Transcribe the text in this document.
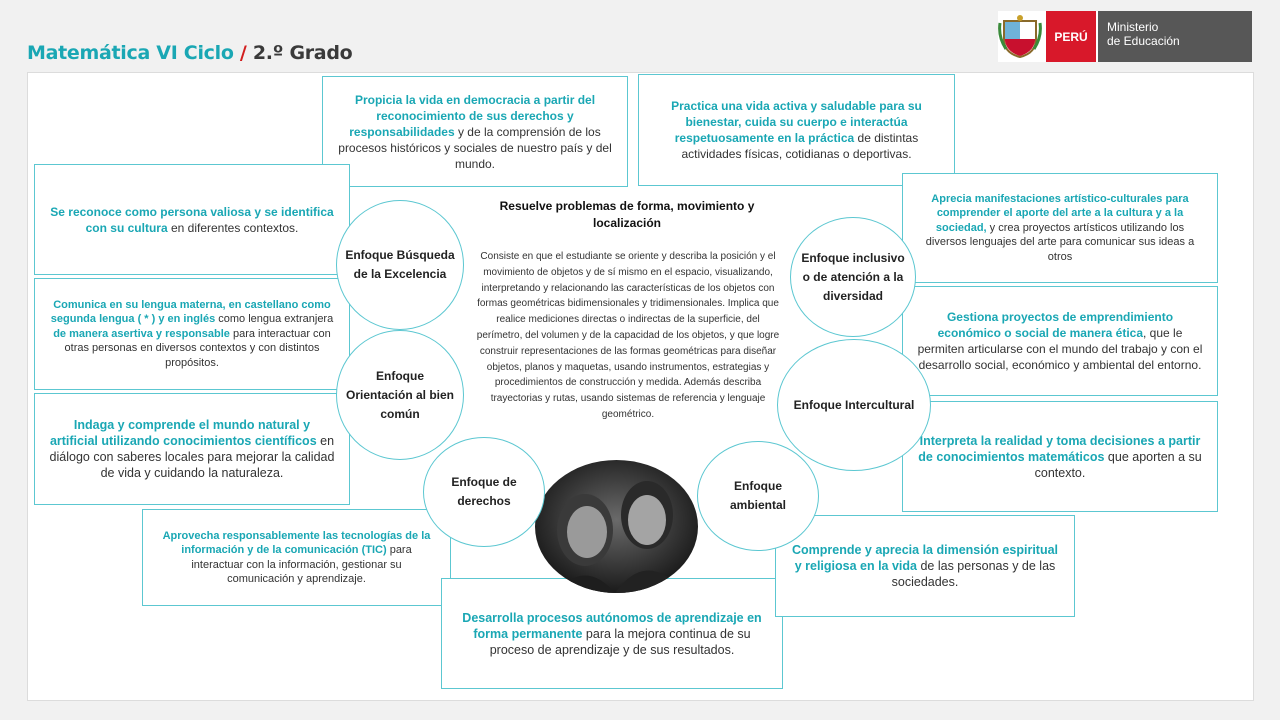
Matemática VI Ciclo / 2.º Grado
PERÚ
Ministerio
de Educación
Propicia la vida en democracia a partir del reconocimiento de sus derechos y responsabilidades y de la comprensión de los procesos históricos y sociales de nuestro país y del mundo.
Practica una vida activa y saludable para su bienestar, cuida su cuerpo e interactúa respetuosamente en la práctica de distintas actividades físicas, cotidianas o deportivas.
Se reconoce como persona valiosa y se identifica con su cultura en diferentes contextos.
Comunica en su lengua materna, en castellano como segunda lengua ( * ) y en inglés como lengua extranjera de manera asertiva y responsable para interactuar con otras personas en diversos contextos y con distintos propósitos.
Indaga y comprende el mundo natural y artificial utilizando conocimientos científicos en diálogo con saberes locales para mejorar la calidad de vida y cuidando la naturaleza.
Aprovecha responsablemente las tecnologías de la información y de la comunicación (TIC) para interactuar con la información, gestionar su comunicación y aprendizaje.
Desarrolla procesos autónomos de aprendizaje en forma permanente para la mejora continua de su proceso de aprendizaje y de sus resultados.
Comprende y aprecia la dimensión espiritual y religiosa en la vida de las personas y de las sociedades.
Aprecia manifestaciones artístico-culturales para comprender el aporte del arte a la cultura y a la sociedad, y crea proyectos artísticos utilizando los diversos lenguajes del arte para comunicar sus ideas a otros
Gestiona proyectos de emprendimiento económico o social de manera ética, que le permiten articularse con el mundo del trabajo y con el desarrollo social, económico y ambiental del entorno.
Interpreta la realidad y toma decisiones a partir de conocimientos matemáticos que aporten a su contexto.
Resuelve problemas de forma, movimiento y localización
Consiste en que el estudiante se oriente y describa la posición y el movimiento de objetos y de sí mismo en el espacio, visualizando, interpretando y relacionando las características de los objetos con formas geométricas bidimensionales y tridimensionales. Implica que realice mediciones directas o indirectas de la superficie, del perímetro, del volumen y de la capacidad de los objetos, y que logre construir representaciones de las formas geométricas para diseñar objetos, planos y maquetas, usando instrumentos, estrategias y procedimientos de construcción y medida. Además describa trayectorias y rutas, usando sistemas de referencia y lenguaje geométrico.
Enfoque Búsqueda de la Excelencia
Enfoque Orientación al bien común
Enfoque de derechos
Enfoque inclusivo o de atención a la diversidad
Enfoque Intercultural
Enfoque ambiental
